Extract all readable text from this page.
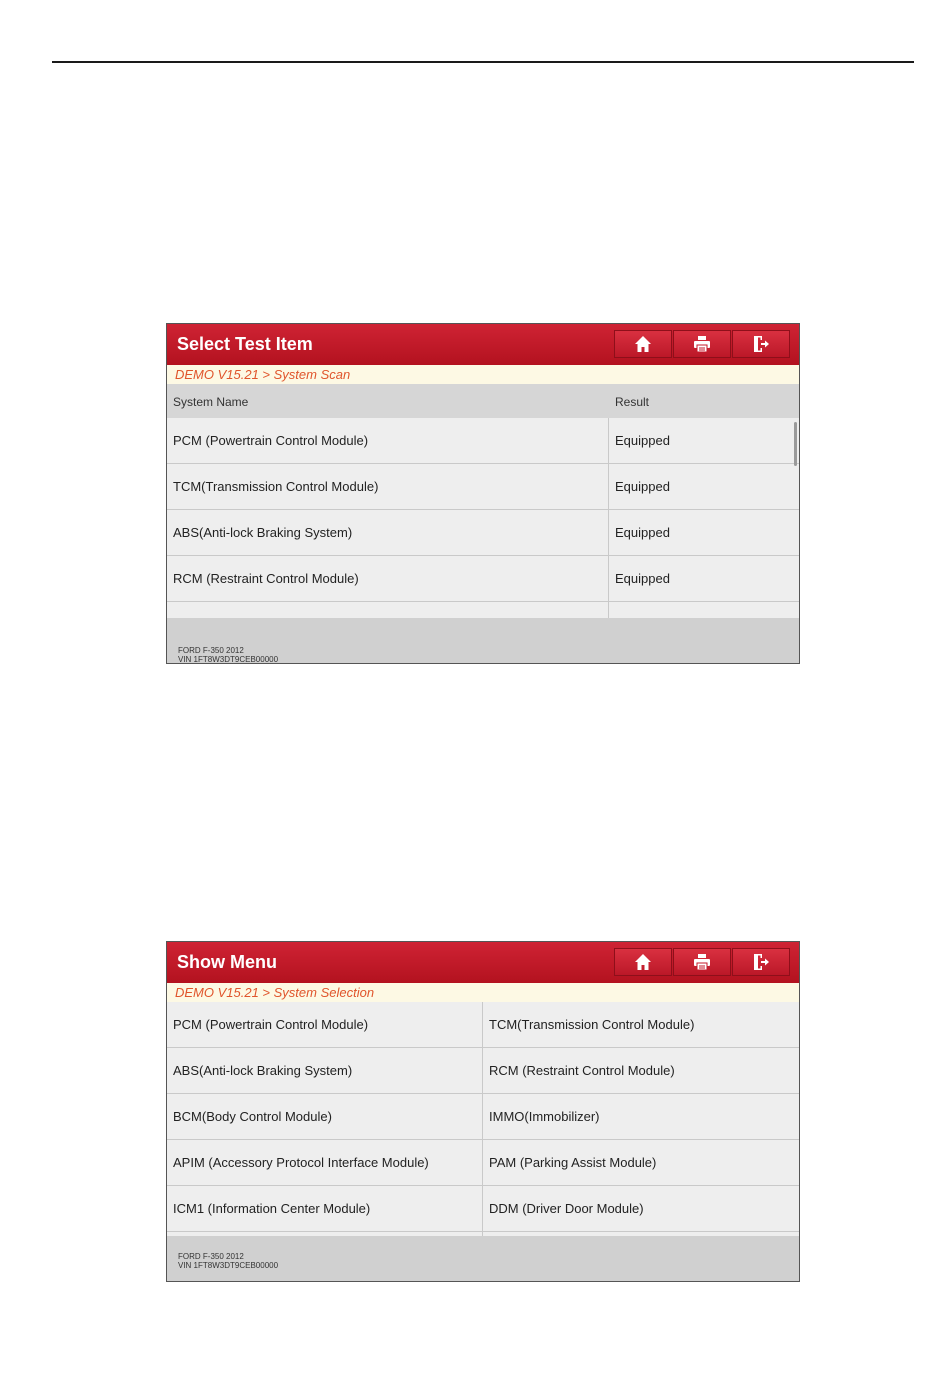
Select Test Item
DEMO V15.21 > System Scan
System Name	Result
PCM (Powertrain Control Module)	Equipped
TCM(Transmission Control Module)	Equipped
ABS(Anti-lock Braking System)	Equipped
RCM (Restraint Control Module)	Equipped
FORD F-350 2012
VIN 1FT8W3DT9CEB00000
Show Menu
DEMO V15.21 > System Selection
PCM (Powertrain Control Module)	TCM(Transmission Control Module)
ABS(Anti-lock Braking System)	RCM (Restraint Control Module)
BCM(Body Control Module)	IMMO(Immobilizer)
APIM (Accessory Protocol Interface Module)	PAM (Parking Assist Module)
ICM1 (Information Center Module)	DDM (Driver Door Module)
FORD F-350 2012
VIN 1FT8W3DT9CEB00000
